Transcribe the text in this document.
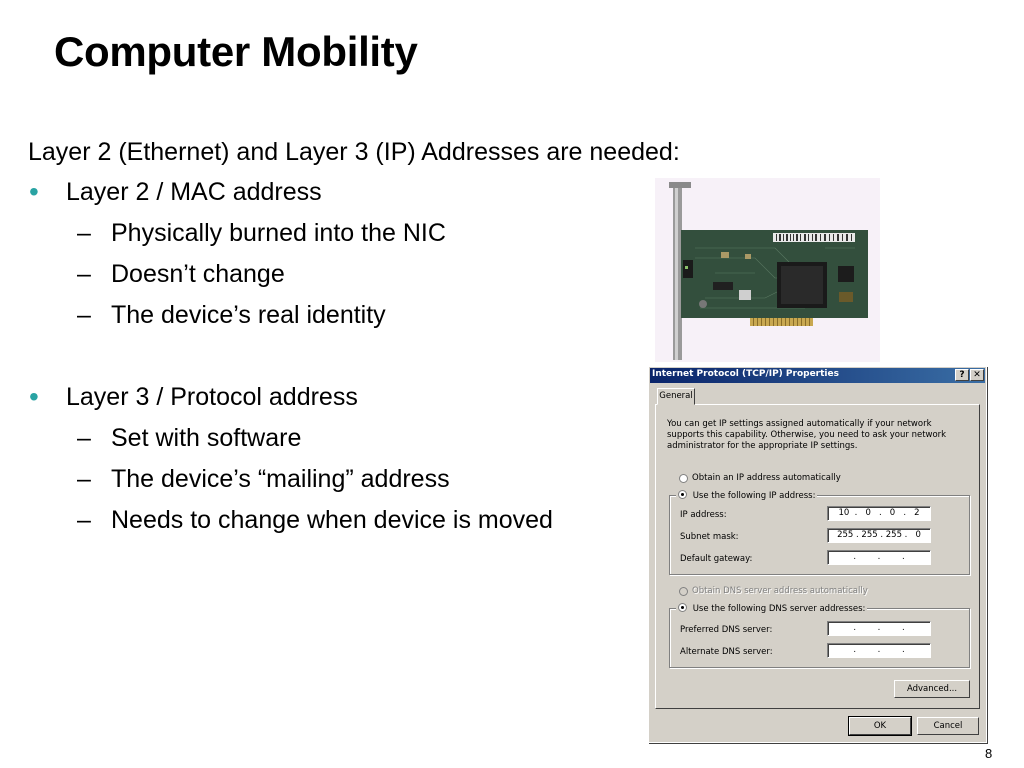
Computer Mobility
Layer 2 (Ethernet) and Layer 3 (IP) Addresses are needed:
• Layer 2 / MAC address
– Physically burned into the NIC
– Doesn’t change
– The device’s real identity
• Layer 3 / Protocol address
– Set with software
– The device’s “mailing” address
– Needs to change when device is moved
Internet Protocol (TCP/IP) Properties	? ✕
General
You can get IP settings assigned automatically if your network supports this capability. Otherwise, you need to ask your network administrator for the appropriate IP settings.
Obtain an IP address automatically
Use the following IP address:
IP address:	10  .   0   .   0   .   2
Subnet mask:	255 . 255 . 255 .   0
Default gateway:	.        .        .
Obtain DNS server address automatically
Use the following DNS server addresses:
Preferred DNS server:	.        .        .
Alternate DNS server:	.        .        .
Advanced...
OK	Cancel
8
